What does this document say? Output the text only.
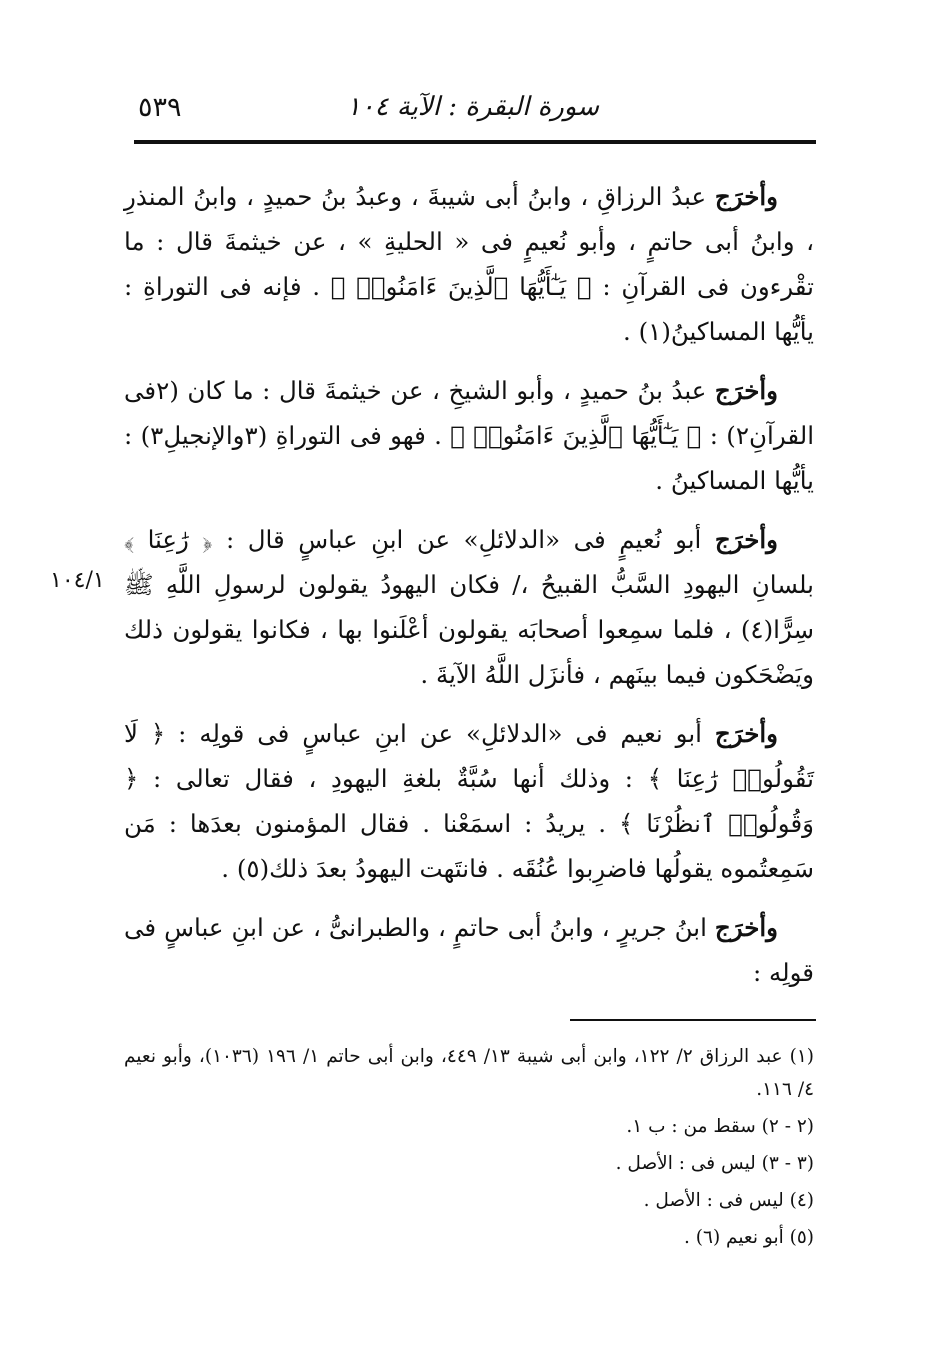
٥٣٩	سورة البقرة : الآية ١٠٤
١٠٤/١

وأخرَج عبدُ الرزاقِ ، وابنُ أبى شيبةَ ، وعبدُ بنُ حميدٍ ، وابنُ المنذرِ ، وابنُ أبى حاتمٍ ، وأبو نُعيمٍ فى « الحليةِ » ، عن خيثمةَ قال : ما تقْرءون فى القرآنِ : ﴿ يَـٰٓأَيُّهَا ٱلَّذِينَ ءَامَنُوا۟ ﴾ . فإنه فى التوراةِ : يأيُّها المساكينُ(١) .

وأخرَج عبدُ بنُ حميدٍ ، وأبو الشيخِ ، عن خيثمةَ قال : ما كان (٢فى القرآنِ٢) : ﴿ يَـٰٓأَيُّهَا ٱلَّذِينَ ءَامَنُوا۟ ﴾ . فهو فى التوراةِ (٣والإنجيلِ٣) : يأيُّها المساكينُ .

وأخرَج أبو نُعيمٍ فى «الدلائلِ» عن ابنِ عباسٍ قال : ﴿ رَٰعِنَا ﴾ بلسانِ اليهودِ السَّبُّ القبيحُ ،/ فكان اليهودُ يقولون لرسولِ اللَّهِ ﷺ سِرًّا(٤) ، فلما سمِعوا أصحابَه يقولون أعْلَنوا بها ، فكانوا يقولون ذلك ويَضْحَكون فيما بينَهم ، فأنزَل اللَّهُ الآيةَ .

وأخرَج أبو نعيم فى «الدلائلِ» عن ابنِ عباسٍ فى قولِه : ﴿ لَا تَقُولُوا۟ رَٰعِنَا ﴾ : وذلك أنها سُبَّةٌ بلغةِ اليهودِ ، فقال تعالى : ﴿ وَقُولُوا۟ ٱنظُرْنَا ﴾ . يريدُ : اسمَعْنا . فقال المؤمنون بعدَها : مَن سَمِعتُموه يقولُها فاضرِبوا عُنُقَه . فانتَهت اليهودُ بعدَ ذلك(٥) .

وأخرَج ابنُ جريرٍ ، وابنُ أبى حاتمٍ ، والطبرانىُّ ، عن ابنِ عباسٍ فى قولِه :

(١) عبد الرزاق ٢/ ١٢٢، وابن أبى شيبة ١٣/ ٤٤٩، وابن أبى حاتم ١/ ١٩٦ (١٠٣٦)، وأبو نعيم ٤/ ١١٦.

(٢ - ٢) سقط من : ب ١.

(٣ - ٣) ليس فى : الأصل .

(٤) ليس فى : الأصل .

(٥) أبو نعيم (٦) .
